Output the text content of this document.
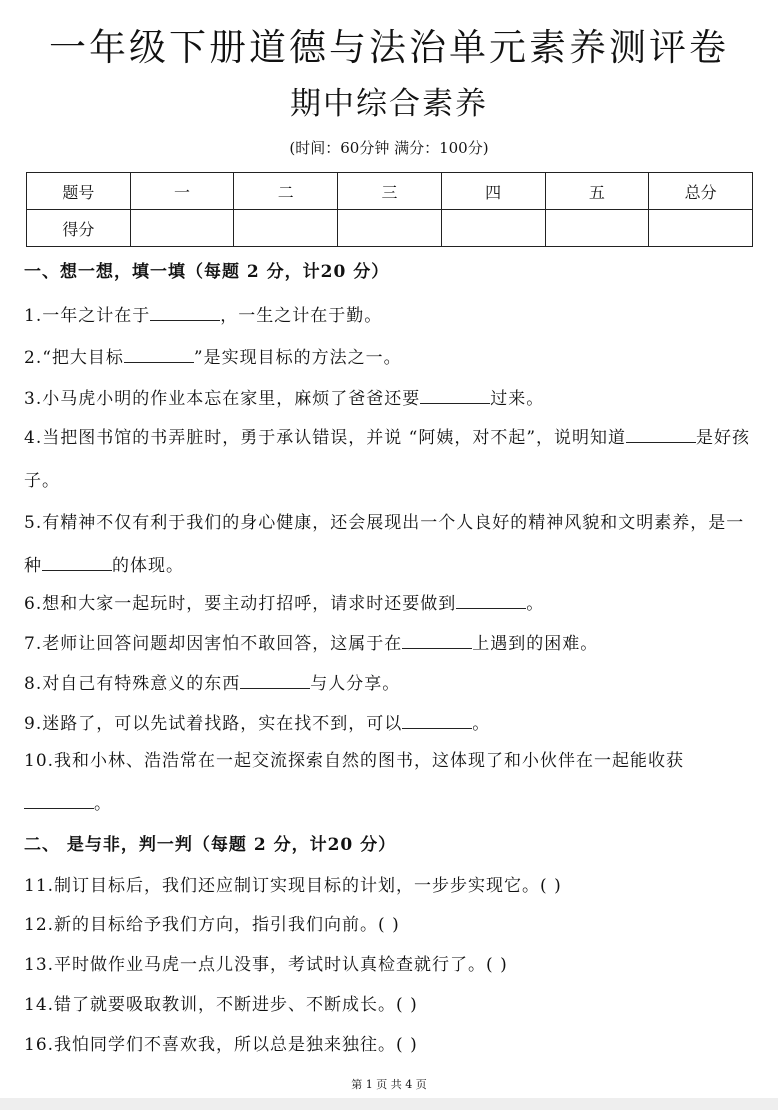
一年级下册道德与法治单元素养测评卷
期中综合素养
(时间：60分钟 满分：100分)
题号	一	二	三	四	五	总分
得分						
一、想一想，填一填（每题 2 分，计20 分）
1.一年之计在于	，一生之计在于勤。
2.“把大目标	”是实现目标的方法之一。
3.小马虎小明的作业本忘在家里，麻烦了爸爸还要	过来。
4.当把图书馆的书弄脏时，勇于承认错误，并说 “阿姨，对不起”，说明知道	是好孩子。
5.有精神不仅有利于我们的身心健康，还会展现出一个人良好的精神风貌和文明素养，是一种	的体现。
6.想和大家一起玩时，要主动打招呼，请求时还要做到	。
7.老师让回答问题却因害怕不敢回答，这属于在	上遇到的困难。
8.对自己有特殊意义的东西	与人分享。
9.迷路了，可以先试着找路，实在找不到，可以	。
10.我和小林、浩浩常在一起交流探索自然的图书，这体现了和小伙伴在一起能收获。
二、 是与非，判一判（每题 2 分，计20 分）
11.制订目标后，我们还应制订实现目标的计划，一步步实现它。( )
12.新的目标给予我们方向，指引我们向前。( )
13.平时做作业马虎一点儿没事，考试时认真检查就行了。( )
14.错了就要吸取教训，不断进步、不断成长。( )
16.我怕同学们不喜欢我，所以总是独来独往。( )
第 1 页 共 4 页
